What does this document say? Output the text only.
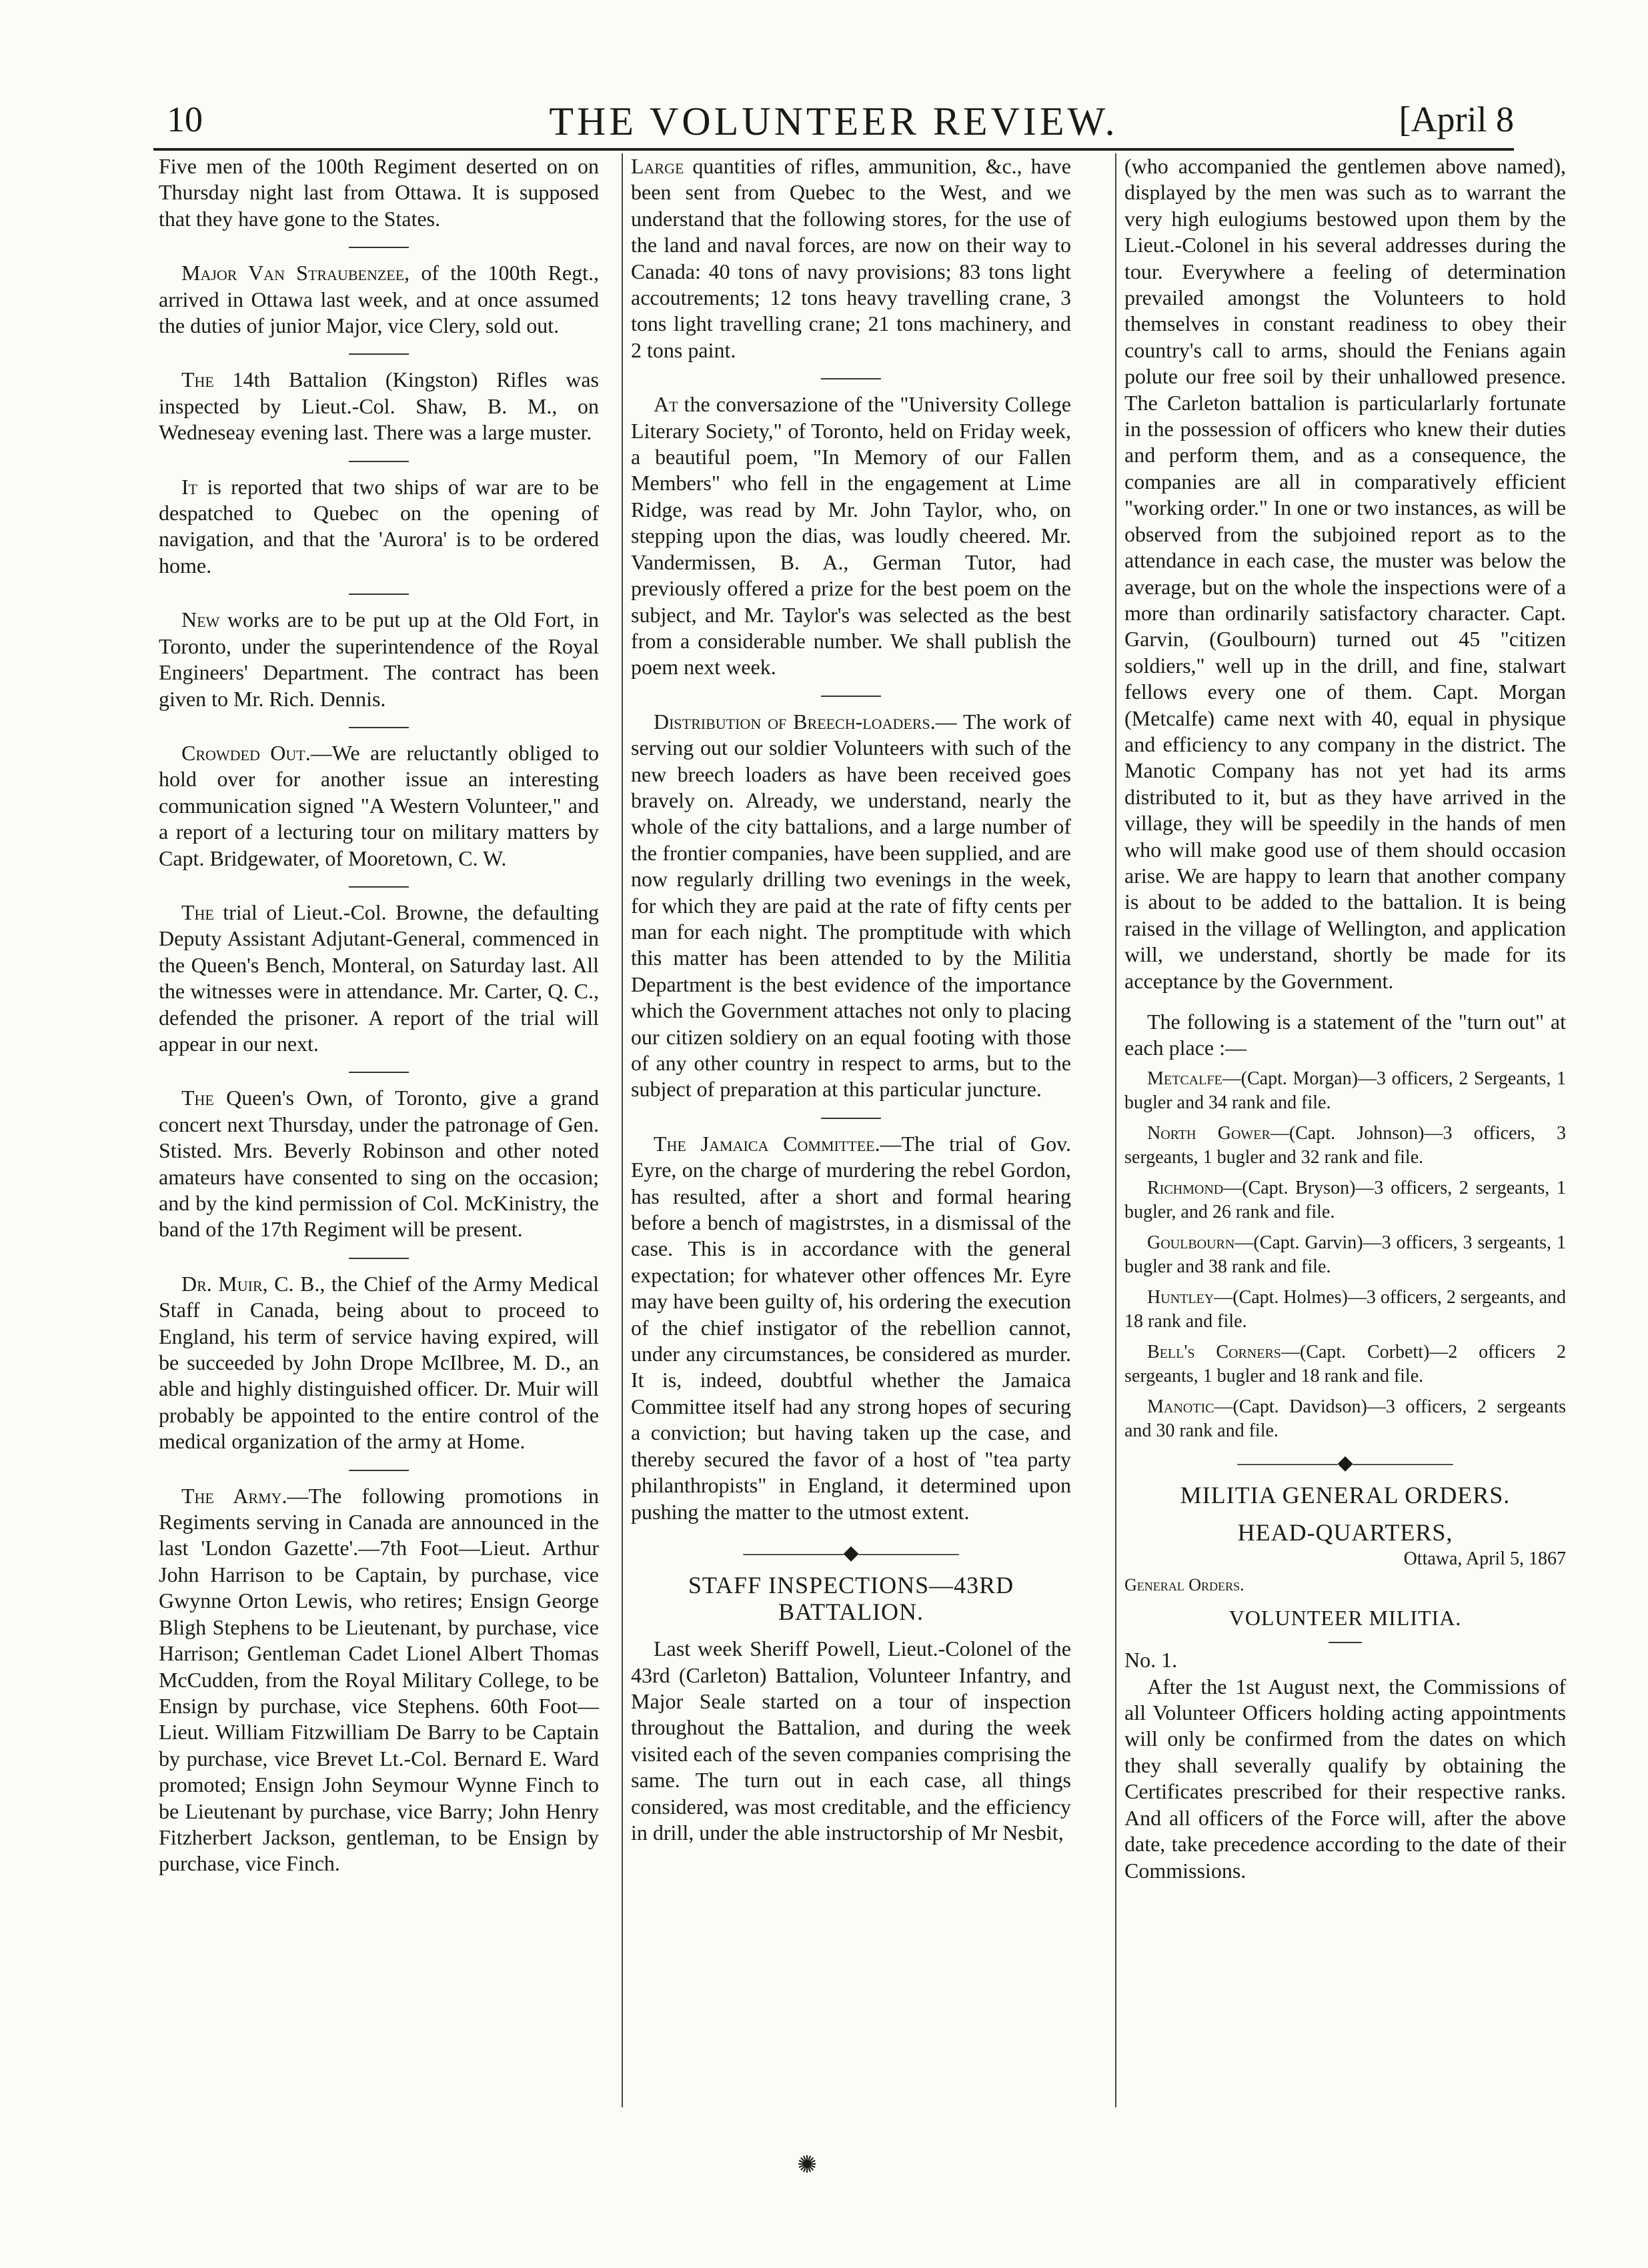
10	THE VOLUNTEER REVIEW.	[April 8

Five men of the 100th Regiment deserted on on Thursday night last from Ottawa. It is supposed that they have gone to the States.

Major Van Straubenzee, of the 100th Regt., arrived in Ottawa last week, and at once assumed the duties of junior Major, vice Clery, sold out.

The 14th Battalion (Kingston) Rifles was inspected by Lieut.-Col. Shaw, B. M., on Wedneseay evening last. There was a large muster.

It is reported that two ships of war are to be despatched to Quebec on the opening of navigation, and that the 'Aurora' is to be ordered home.

New works are to be put up at the Old Fort, in Toronto, under the superintendence of the Royal Engineers' Department. The contract has been given to Mr. Rich. Dennis.

Crowded Out.—We are reluctantly obliged to hold over for another issue an interesting communication signed "A Western Volunteer," and a report of a lecturing tour on military matters by Capt. Bridgewater, of Mooretown, C. W.

The trial of Lieut.-Col. Browne, the defaulting Deputy Assistant Adjutant-General, commenced in the Queen's Bench, Monteral, on Saturday last. All the witnesses were in attendance. Mr. Carter, Q. C., defended the prisoner. A report of the trial will appear in our next.

The Queen's Own, of Toronto, give a grand concert next Thursday, under the patronage of Gen. Stisted. Mrs. Beverly Robinson and other noted amateurs have consented to sing on the occasion; and by the kind permission of Col. McKinistry, the band of the 17th Regiment will be present.

Dr. Muir, C. B., the Chief of the Army Medical Staff in Canada, being about to proceed to England, his term of service having expired, will be succeeded by John Drope McIlbree, M. D., an able and highly distinguished officer. Dr. Muir will probably be appointed to the entire control of the medical organization of the army at Home.

The Army.—The following promotions in Regiments serving in Canada are announced in the last 'London Gazette'.—7th Foot—Lieut. Arthur John Harrison to be Captain, by purchase, vice Gwynne Orton Lewis, who retires; Ensign George Bligh Stephens to be Lieutenant, by purchase, vice Harrison; Gentleman Cadet Lionel Albert Thomas McCudden, from the Royal Military College, to be Ensign by purchase, vice Stephens. 60th Foot—Lieut. William Fitzwilliam De Barry to be Captain by purchase, vice Brevet Lt.-Col. Bernard E. Ward promoted; Ensign John Seymour Wynne Finch to be Lieutenant by purchase, vice Barry; John Henry Fitzherbert Jackson, gentleman, to be Ensign by purchase, vice Finch.

Large quantities of rifles, ammunition, &c., have been sent from Quebec to the West, and we understand that the following stores, for the use of the land and naval forces, are now on their way to Canada: 40 tons of navy provisions; 83 tons light accoutrements; 12 tons heavy travelling crane, 3 tons light travelling crane; 21 tons machinery, and 2 tons paint.

At the conversazione of the "University College Literary Society," of Toronto, held on Friday week, a beautiful poem, "In Memory of our Fallen Members" who fell in the engagement at Lime Ridge, was read by Mr. John Taylor, who, on stepping upon the dias, was loudly cheered. Mr. Vandermissen, B. A., German Tutor, had previously offered a prize for the best poem on the subject, and Mr. Taylor's was selected as the best from a considerable number. We shall publish the poem next week.

Distribution of Breech-loaders.— The work of serving out our soldier Volunteers with such of the new breech loaders as have been received goes bravely on. Already, we understand, nearly the whole of the city battalions, and a large number of the frontier companies, have been supplied, and are now regularly drilling two evenings in the week, for which they are paid at the rate of fifty cents per man for each night. The promptitude with which this matter has been attended to by the Militia Department is the best evidence of the importance which the Government attaches not only to placing our citizen soldiery on an equal footing with those of any other country in respect to arms, but to the subject of preparation at this particular juncture.

The Jamaica Committee.—The trial of Gov. Eyre, on the charge of murdering the rebel Gordon, has resulted, after a short and formal hearing before a bench of magistrstes, in a dismissal of the case. This is in accordance with the general expectation; for whatever other offences Mr. Eyre may have been guilty of, his ordering the execution of the chief instigator of the rebellion cannot, under any circumstances, be considered as murder. It is, indeed, doubtful whether the Jamaica Committee itself had any strong hopes of securing a conviction; but having taken up the case, and thereby secured the favor of a host of "tea party philanthropists" in England, it determined upon pushing the matter to the utmost extent.

—————◆—————
STAFF INSPECTIONS—43RD BATTALION.

Last week Sheriff Powell, Lieut.-Colonel of the 43rd (Carleton) Battalion, Volunteer Infantry, and Major Seale started on a tour of inspection throughout the Battalion, and during the week visited each of the seven companies comprising the same. The turn out in each case, all things considered, was most creditable, and the efficiency in drill, under the able instructorship of Mr Nesbit,

(who accompanied the gentlemen above named), displayed by the men was such as to warrant the very high eulogiums bestowed upon them by the Lieut.-Colonel in his several addresses during the tour. Everywhere a feeling of determination prevailed amongst the Volunteers to hold themselves in constant readiness to obey their country's call to arms, should the Fenians again polute our free soil by their unhallowed presence. The Carleton battalion is particularlarly fortunate in the possession of officers who knew their duties and perform them, and as a consequence, the companies are all in comparatively efficient "working order." In one or two instances, as will be observed from the subjoined report as to the attendance in each case, the muster was below the average, but on the whole the inspections were of a more than ordinarily satisfactory character. Capt. Garvin, (Goulbourn) turned out 45 "citizen soldiers," well up in the drill, and fine, stalwart fellows every one of them. Capt. Morgan (Metcalfe) came next with 40, equal in physique and efficiency to any company in the district. The Manotic Company has not yet had its arms distributed to it, but as they have arrived in the village, they will be speedily in the hands of men who will make good use of them should occasion arise. We are happy to learn that another company is about to be added to the battalion. It is being raised in the village of Wellington, and application will, we understand, shortly be made for its acceptance by the Government.

The following is a statement of the "turn out" at each place :—

Metcalfe—(Capt. Morgan)—3 officers, 2 Sergeants, 1 bugler and 34 rank and file.

North Gower—(Capt. Johnson)—3 officers, 3 sergeants, 1 bugler and 32 rank and file.

Richmond—(Capt. Bryson)—3 officers, 2 sergeants, 1 bugler, and 26 rank and file.

Goulbourn—(Capt. Garvin)—3 officers, 3 sergeants, 1 bugler and 38 rank and file.

Huntley—(Capt. Holmes)—3 officers, 2 sergeants, and 18 rank and file.

Bell's Corners—(Capt. Corbett)—2 officers 2 sergeants, 1 bugler and 18 rank and file.

Manotic—(Capt. Davidson)—3 officers, 2 sergeants and 30 rank and file.

—————◆—————
MILITIA GENERAL ORDERS.
HEAD-QUARTERS,
Ottawa, April 5, 1867
General Orders.
VOLUNTEER MILITIA.
No. 1.

After the 1st August next, the Commissions of all Volunteer Officers holding acting appointments will only be confirmed from the dates on which they shall severally qualify by obtaining the Certificates prescribed for their respective ranks. And all officers of the Force will, after the above date, take precedence according to the date of their Commissions.

✺
